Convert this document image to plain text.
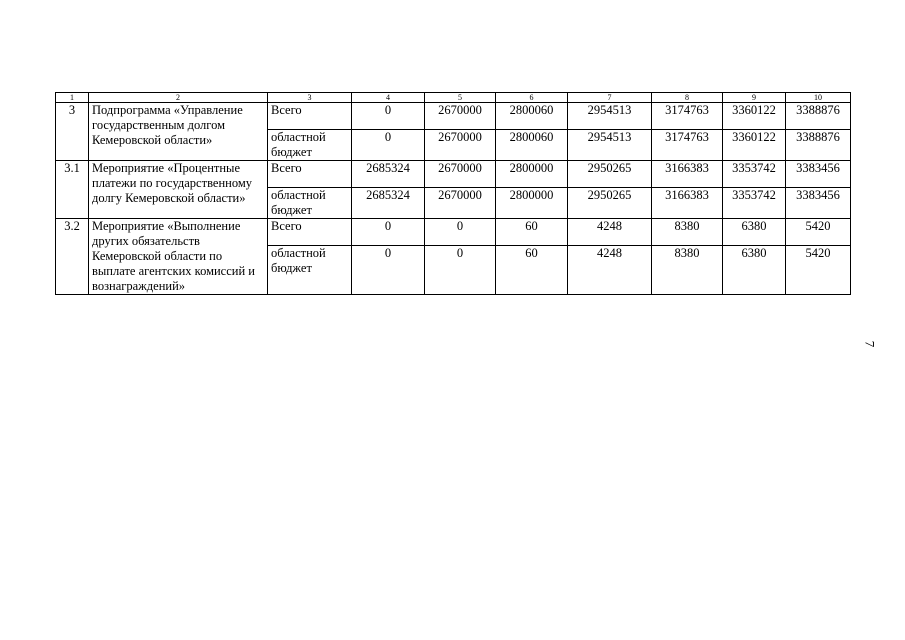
1	2	3	4	5	6	7	8	9	10
3	Подпрограмма «Управление государственным долгом Кемеровской области»	Всего	0	2670000	2800060	2954513	3174763	3360122	3388876
		областной бюджет	0	2670000	2800060	2954513	3174763	3360122	3388876
3.1	Мероприятие «Процентные платежи по государственному долгу Кемеровской области»	Всего	2685324	2670000	2800000	2950265	3166383	3353742	3383456
		областной бюджет	2685324	2670000	2800000	2950265	3166383	3353742	3383456
3.2	Мероприятие «Выполнение других обязательств Кемеровской области по выплате агентских комиссий и вознаграждений»	Всего	0	0	60	4248	8380	6380	5420
		областной бюджет	0	0	60	4248	8380	6380	5420
7
